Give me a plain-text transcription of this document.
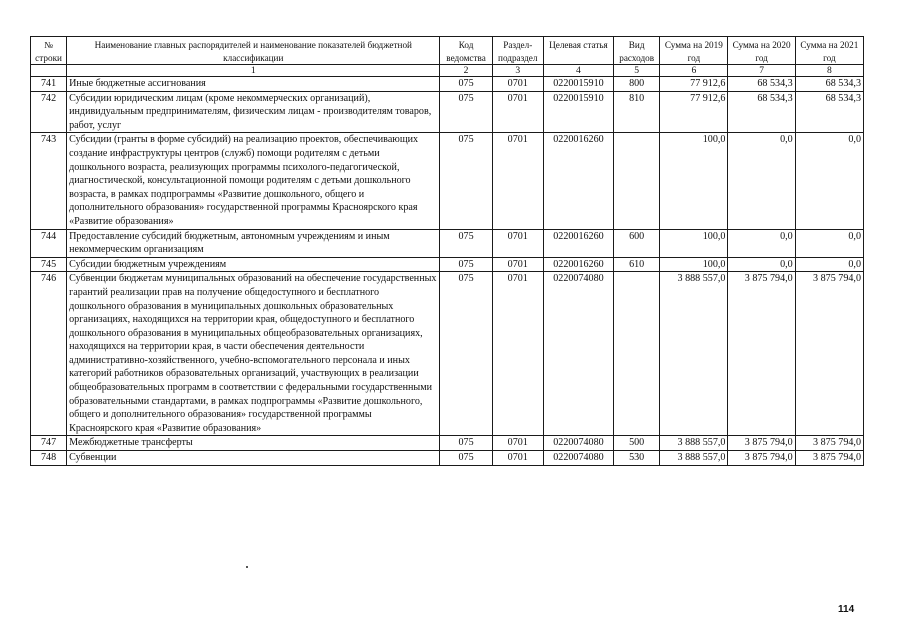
№ строки	Наименование главных распорядителей и наименование показателей бюджетной классификации	Код ведомства	Раздел-подраздел	Целевая статья	Вид расходов	Сумма на 2019 год	Сумма на 2020 год	Сумма на 2021 год
	1	2	3	4	5	6	7	8
741	Иные бюджетные ассигнования	075	0701	0220015910	800	77 912,6	68 534,3	68 534,3
742	Субсидии юридическим лицам (кроме некоммерческих организаций), индивидуальным предпринимателям, физическим лицам - производителям товаров, работ, услуг	075	0701	0220015910	810	77 912,6	68 534,3	68 534,3
743	Субсидии (гранты в форме субсидий) на реализацию проектов, обеспечивающих создание инфраструктуры центров (служб) помощи родителям с детьми дошкольного возраста, реализующих программы психолого-педагогической, диагностической, консультационной помощи родителям с детьми дошкольного возраста, в рамках подпрограммы «Развитие дошкольного, общего и дополнительного образования» государственной программы Красноярского края «Развитие образования»	075	0701	0220016260		100,0	0,0	0,0
744	Предоставление субсидий бюджетным, автономным учреждениям и иным некоммерческим организациям	075	0701	0220016260	600	100,0	0,0	0,0
745	Субсидии бюджетным учреждениям	075	0701	0220016260	610	100,0	0,0	0,0
746	Субвенции бюджетам муниципальных образований на обеспечение государственных гарантий реализации прав на получение общедоступного и бесплатного дошкольного образования в муниципальных дошкольных образовательных организациях, находящихся на территории края, общедоступного и бесплатного дошкольного образования в муниципальных общеобразовательных организациях, находящихся на территории края, в части обеспечения деятельности административно-хозяйственного, учебно-вспомогательного персонала и иных категорий работников образовательных организаций, участвующих в реализации общеобразовательных программ в соответствии с федеральными государственными образовательными стандартами, в рамках подпрограммы «Развитие дошкольного, общего и дополнительного образования» государственной программы Красноярского края «Развитие образования»	075	0701	0220074080		3 888 557,0	3 875 794,0	3 875 794,0
747	Межбюджетные трансферты	075	0701	0220074080	500	3 888 557,0	3 875 794,0	3 875 794,0
748	Субвенции	075	0701	0220074080	530	3 888 557,0	3 875 794,0	3 875 794,0
114
